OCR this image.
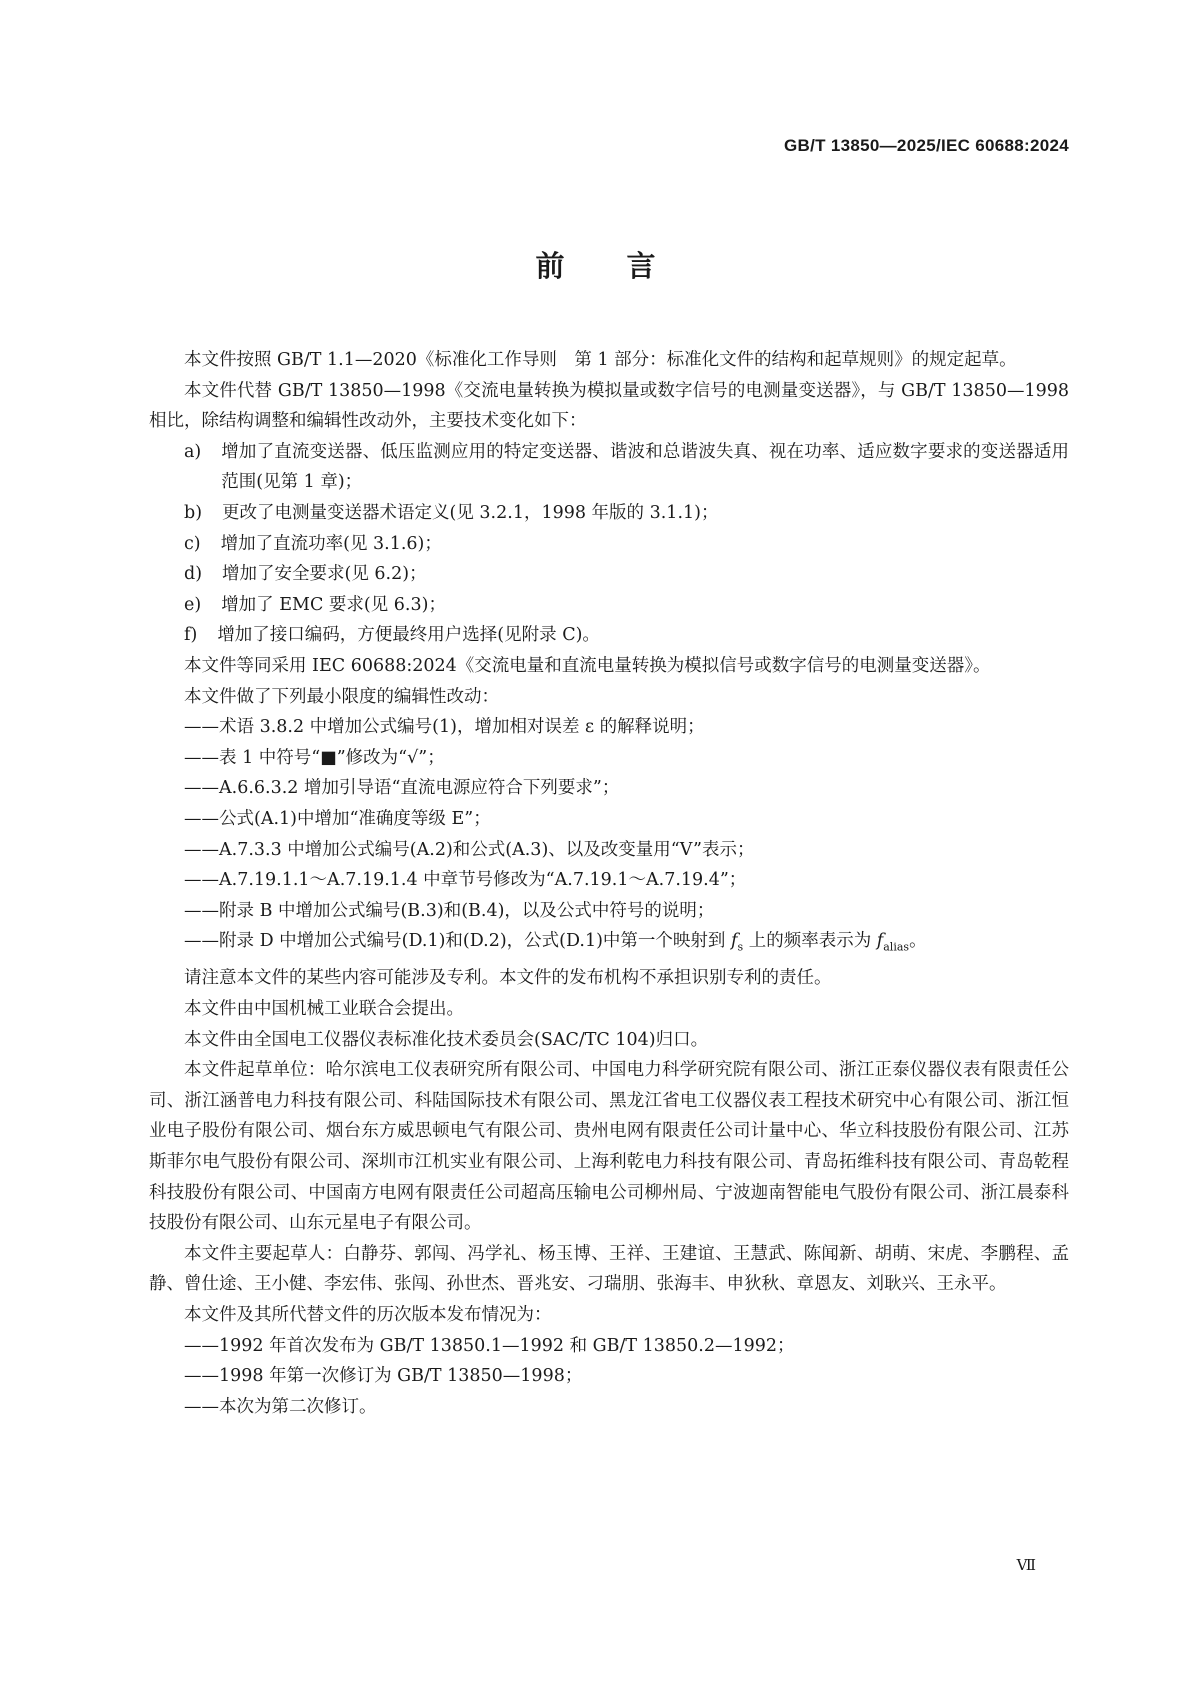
GB/T 13850—2025/IEC 60688:2024
前 言

本文件按照 GB/T 1.1—2020《标准化工作导则　第 1 部分：标准化文件的结构和起草规则》的规定起草。

本文件代替 GB/T 13850—1998《交流电量转换为模拟量或数字信号的电测量变送器》，与 GB/T 13850—1998 相比，除结构调整和编辑性改动外，主要技术变化如下：

a) 增加了直流变送器、低压监测应用的特定变送器、谐波和总谐波失真、视在功率、适应数字要求的变送器适用范围(见第 1 章)；
b) 更改了电测量变送器术语定义(见 3.2.1，1998 年版的 3.1.1)；
c) 增加了直流功率(见 3.1.6)；
d) 增加了安全要求(见 6.2)；
e) 增加了 EMC 要求(见 6.3)；
f) 增加了接口编码，方便最终用户选择(见附录 C)。

本文件等同采用 IEC 60688:2024《交流电量和直流电量转换为模拟信号或数字信号的电测量变送器》。

本文件做了下列最小限度的编辑性改动：

——术语 3.8.2 中增加公式编号(1)，增加相对误差 ε 的解释说明；

——表 1 中符号“■”修改为“√”；

——A.6.6.3.2 增加引导语“直流电源应符合下列要求”；

——公式(A.1)中增加“准确度等级 E”；

——A.7.3.3 中增加公式编号(A.2)和公式(A.3)、以及改变量用“V”表示；

——A.7.19.1.1～A.7.19.1.4 中章节号修改为“A.7.19.1～A.7.19.4”；

——附录 B 中增加公式编号(B.3)和(B.4)，以及公式中符号的说明；

——附录 D 中增加公式编号(D.1)和(D.2)，公式(D.1)中第一个映射到 $f_s$ 上的频率表示为 $f_{alias}$。

请注意本文件的某些内容可能涉及专利。本文件的发布机构不承担识别专利的责任。

本文件由中国机械工业联合会提出。

本文件由全国电工仪器仪表标准化技术委员会(SAC/TC 104)归口。

本文件起草单位：哈尔滨电工仪表研究所有限公司、中国电力科学研究院有限公司、浙江正泰仪器仪表有限责任公司、浙江涵普电力科技有限公司、科陆国际技术有限公司、黑龙江省电工仪器仪表工程技术研究中心有限公司、浙江恒业电子股份有限公司、烟台东方威思顿电气有限公司、贵州电网有限责任公司计量中心、华立科技股份有限公司、江苏斯菲尔电气股份有限公司、深圳市江机实业有限公司、上海利乾电力科技有限公司、青岛拓维科技有限公司、青岛乾程科技股份有限公司、中国南方电网有限责任公司超高压输电公司柳州局、宁波迦南智能电气股份有限公司、浙江晨泰科技股份有限公司、山东元星电子有限公司。

本文件主要起草人：白静芬、郭闯、冯学礼、杨玉博、王祥、王建谊、王慧武、陈闻新、胡萌、宋虎、李鹏程、孟静、曾仕途、王小健、李宏伟、张闯、孙世杰、晋兆安、刁瑞朋、张海丰、申狄秋、章恩友、刘耿兴、王永平。

本文件及其所代替文件的历次版本发布情况为：

——1992 年首次发布为 GB/T 13850.1—1992 和 GB/T 13850.2—1992；

——1998 年第一次修订为 GB/T 13850—1998；

——本次为第二次修订。

Ⅶ
